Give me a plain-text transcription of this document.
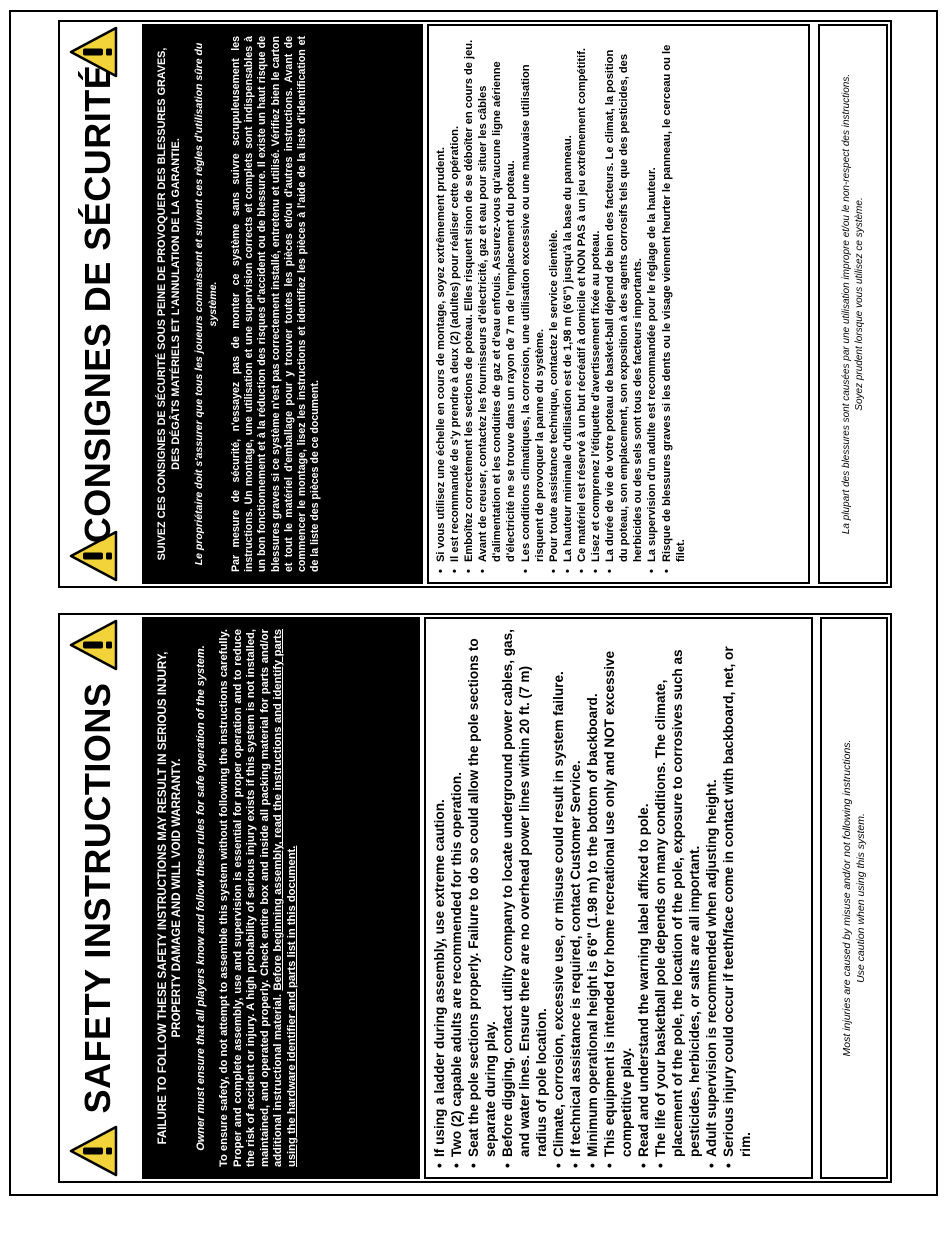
SAFETY INSTRUCTIONS	FAILURE TO FOLLOW THESE SAFETY INSTRUCTIONS MAY RESULT IN SERIOUS INJURY, PROPERTY DAMAGE AND WILL VOID WARRANTY. Owner must ensure that all players know and follow these rules for safe operation of the system. To ensure safety, do not attempt to assemble this system without following the instructions carefully. Proper and complete assembly, use and supervision is essential for proper operation and to reduce the risk of accident or injury. A high probability of serious injury exists if this system is not installed, maintained, and operated properly. Check entire box and inside all packing material for parts and/or additional instructional material. Before beginning assembly, read the instructions and identify parts using the hardware identifier and parts list in this document.	• If using a ladder during assembly, use extreme caution. • Two (2) capable adults are recommended for this operation. • Seat the pole sections properly. Failure to do so could allow the pole sections to separate during play. • Before digging, contact utility company to locate underground power cables, gas, and water lines. Ensure there are no overhead power lines within 20 ft. (7 m) radius of pole location. • Climate, corrosion, excessive use, or misuse could result in system failure. • If technical assistance is required, contact Customer Service. • Minimum operational height is 6'6" (1.98 m) to the bottom of backboard. • This equipment is intended for home recreational use only and NOT excessive competitive play. • Read and understand the warning label affixed to pole. • The life of your basketball pole depends on many conditions. The climate, placement of the pole, the location of the pole, exposure to corrosives such as pesticides, herbicides, or salts are all important. • Adult supervision is recommended when adjusting height. • Serious injury could occur if teeth/face come in contact with backboard, net, or rim.
Most injuries are caused by misuse and/or not following instructions. Use caution when using this system.
CONSIGNES DE SÉCURITÉ	SUIVEZ CES CONSIGNES DE SÉCURITÉ SOUS PEINE DE PROVOQUER DES BLESSURES GRAVES, DES DÉGÂTS MATÉRIELS ET L'ANNULATION DE LA GARANTIE. Le propriétaire doit s'assurer que tous les joueurs connaissent et suivent ces règles d'utilisation sûre du système. Par mesure de sécurité, n'essayez pas de monter ce système sans suivre scrupuleusement les instructions. Un montage, une utilisation et une supervision corrects et complets sont indispensables à un bon fonctionnement et à la réduction des risques d'accident ou de blessure. Il existe un haut risque de blessures graves si ce système n'est pas correctement installé, entretenu et utilisé. Vérifiez bien le carton et tout le matériel d'emballage pour y trouver toutes les pièces et/ou d'autres instructions. Avant de commencer le montage, lisez les instructions et identifiez les pièces à l'aide de la liste d'identification et de la liste des pièces de ce document.	• Si vous utilisez une échelle en cours de montage, soyez extrêmement prudent. • Il est recommandé de s'y prendre à deux (2) (adultes) pour réaliser cette opération. • Emboîtez correctement les sections de poteau. Elles risquent sinon de se déboîter en cours de jeu. • Avant de creuser, contactez les fournisseurs d'électricité, gaz et eau pour situer les câbles d'alimentation et les conduites de gaz et d'eau enfouis. Assurez-vous qu'aucune ligne aérienne d'électricité ne se trouve dans un rayon de 7 m de l'emplacement du poteau. • Les conditions climatiques, la corrosion, une utilisation excessive ou une mauvaise utilisation risquent de provoquer la panne du système. • Pour toute assistance technique, contactez le service clientèle. • La hauteur minimale d'utilisation est de 1,98 m (6'6") jusqu'à la base du panneau. • Ce matériel est réservé à un but récréatif à domicile et NON PAS à un jeu extrêmement compétitif. • Lisez et comprenez l'étiquette d'avertissement fixée au poteau. • La durée de vie de votre poteau de basket-ball dépend de bien des facteurs. Le climat, la position du poteau, son emplacement, son exposition à des agents corrosifs tels que des pesticides, des herbicides ou des sels sont tous des facteurs importants. • La supervision d'un adulte est recommandée pour le réglage de la hauteur. • Risque de blessures graves si les dents ou le visage viennent heurter le panneau, le cerceau ou le filet.
La plupart des blessures sont causées par une utilisation impropre et/ou le non-respect des instructions. Soyez prudent lorsque vous utilisez ce système.
